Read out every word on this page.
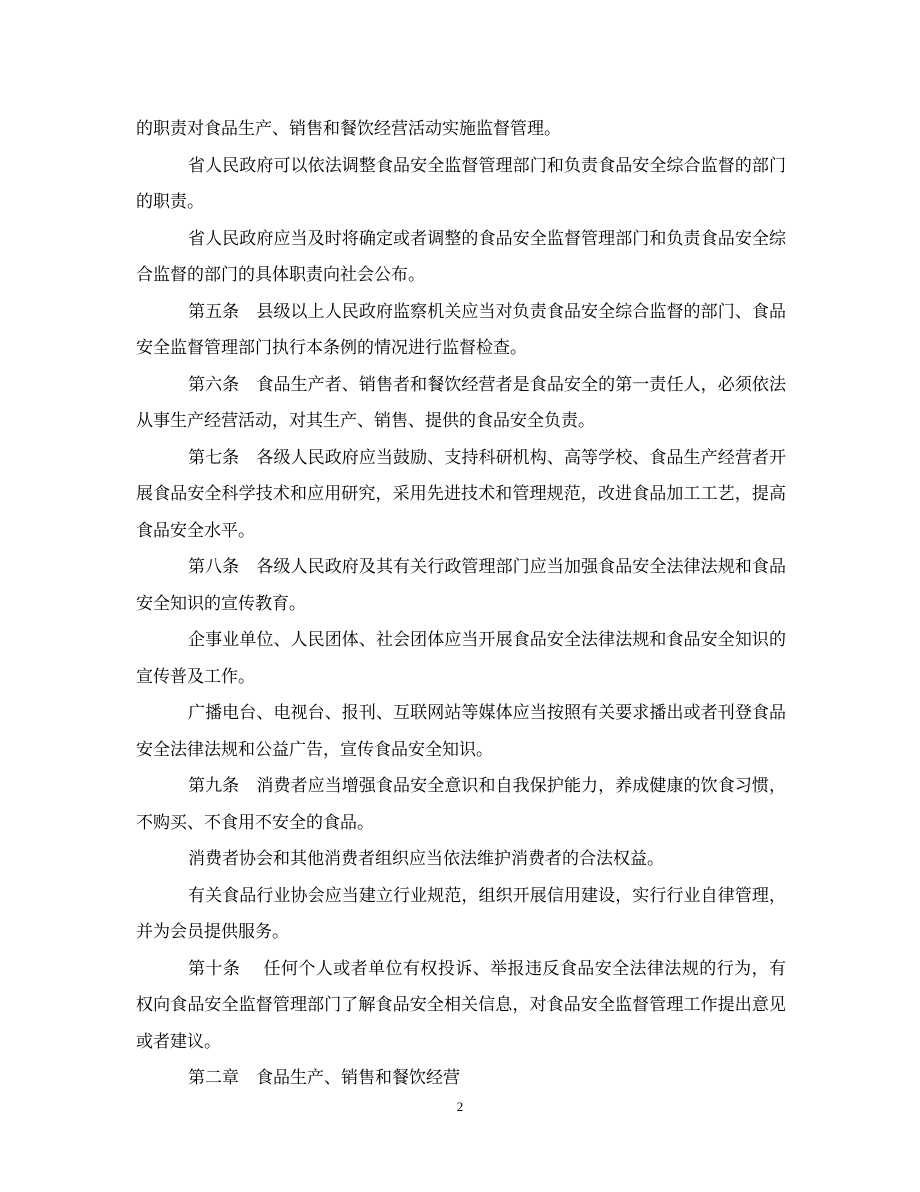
的职责对食品生产、销售和餐饮经营活动实施监督管理。

省人民政府可以依法调整食品安全监督管理部门和负责食品安全综合监督的部门的职责。

省人民政府应当及时将确定或者调整的食品安全监督管理部门和负责食品安全综合监督的部门的具体职责向社会公布。

第五条　县级以上人民政府监察机关应当对负责食品安全综合监督的部门、食品安全监督管理部门执行本条例的情况进行监督检查。

第六条　食品生产者、销售者和餐饮经营者是食品安全的第一责任人，必须依法从事生产经营活动，对其生产、销售、提供的食品安全负责。

第七条　各级人民政府应当鼓励、支持科研机构、高等学校、食品生产经营者开展食品安全科学技术和应用研究，采用先进技术和管理规范，改进食品加工工艺，提高食品安全水平。

第八条　各级人民政府及其有关行政管理部门应当加强食品安全法律法规和食品安全知识的宣传教育。

企事业单位、人民团体、社会团体应当开展食品安全法律法规和食品安全知识的宣传普及工作。

广播电台、电视台、报刊、互联网站等媒体应当按照有关要求播出或者刊登食品安全法律法规和公益广告，宣传食品安全知识。

第九条　消费者应当增强食品安全意识和自我保护能力，养成健康的饮食习惯，不购买、不食用不安全的食品。

消费者协会和其他消费者组织应当依法维护消费者的合法权益。

有关食品行业协会应当建立行业规范，组织开展信用建设，实行行业自律管理，并为会员提供服务。

第十条　 任何个人或者单位有权投诉、举报违反食品安全法律法规的行为，有权向食品安全监督管理部门了解食品安全相关信息，对食品安全监督管理工作提出意见或者建议。

第二章　食品生产、销售和餐饮经营

2
